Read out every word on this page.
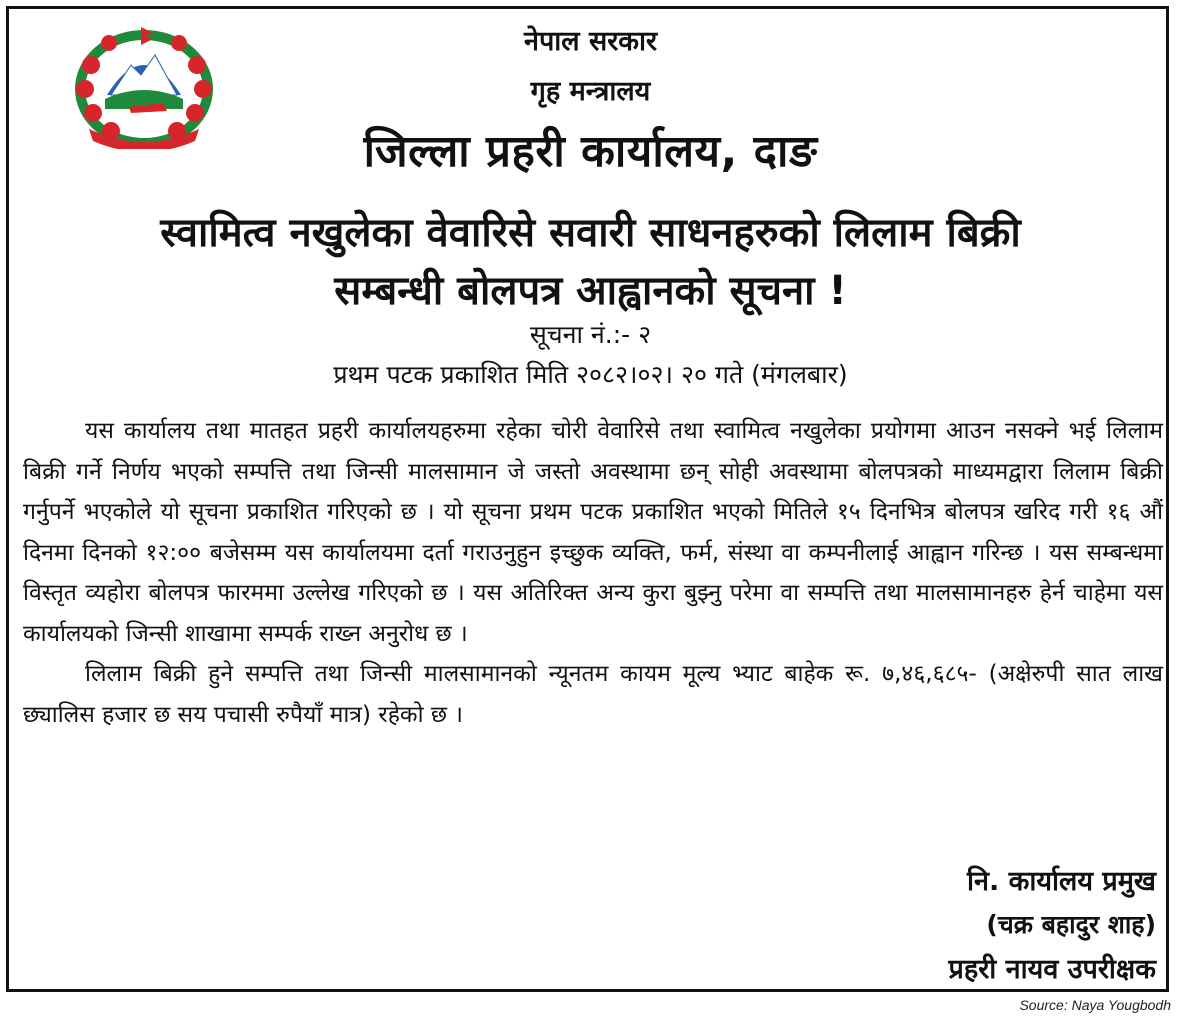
नेपाल सरकार
गृह मन्त्रालय
जिल्ला प्रहरी कार्यालय, दाङ
स्वामित्व नखुलेका वेवारिसे सवारी साधनहरुको लिलाम बिक्री
सम्बन्धी बोलपत्र आह्वानको सूचना !
सूचना नं.:- २
प्रथम पटक प्रकाशित मिति २०८२।०२। २० गते (मंगलबार)

यस कार्यालय तथा मातहत प्रहरी कार्यालयहरुमा रहेका चोरी वेवारिसे तथा स्वामित्व नखुलेका प्रयोगमा आउन नसक्ने भई लिलाम बिक्री गर्ने निर्णय भएको सम्पत्ति तथा जिन्सी मालसामान जे जस्तो अवस्थामा छन् सोही अवस्थामा बोलपत्रको माध्यमद्वारा लिलाम बिक्री गर्नुपर्ने भएकोले यो सूचना प्रकाशित गरिएको छ । यो सूचना प्रथम पटक प्रकाशित भएको मितिले १५ दिनभित्र बोलपत्र खरिद गरी १६ औं दिनमा दिनको १२:०० बजेसम्म यस कार्यालयमा दर्ता गराउनुहुन इच्छुक व्यक्ति, फर्म, संस्था वा कम्पनीलाई आह्वान गरिन्छ । यस सम्बन्धमा विस्तृत व्यहोरा बोलपत्र फारममा उल्लेख गरिएको छ । यस अतिरिक्त अन्य कुरा बुझ्नु परेमा वा सम्पत्ति तथा मालसामानहरु हेर्न चाहेमा यस कार्यालयको जिन्सी शाखामा सम्पर्क राख्न अनुरोध छ ।

लिलाम बिक्री हुने सम्पत्ति तथा जिन्सी मालसामानको न्यूनतम कायम मूल्य भ्याट बाहेक रू. ७,४६,६८५- (अक्षेरुपी सात लाख छ्यालिस हजार छ सय पचासी रुपैयाँ मात्र) रहेको छ ।

नि. कार्यालय प्रमुख
(चक्र बहादुर शाह)
प्रहरी नायव उपरीक्षक
Source: Naya Yougbodh
